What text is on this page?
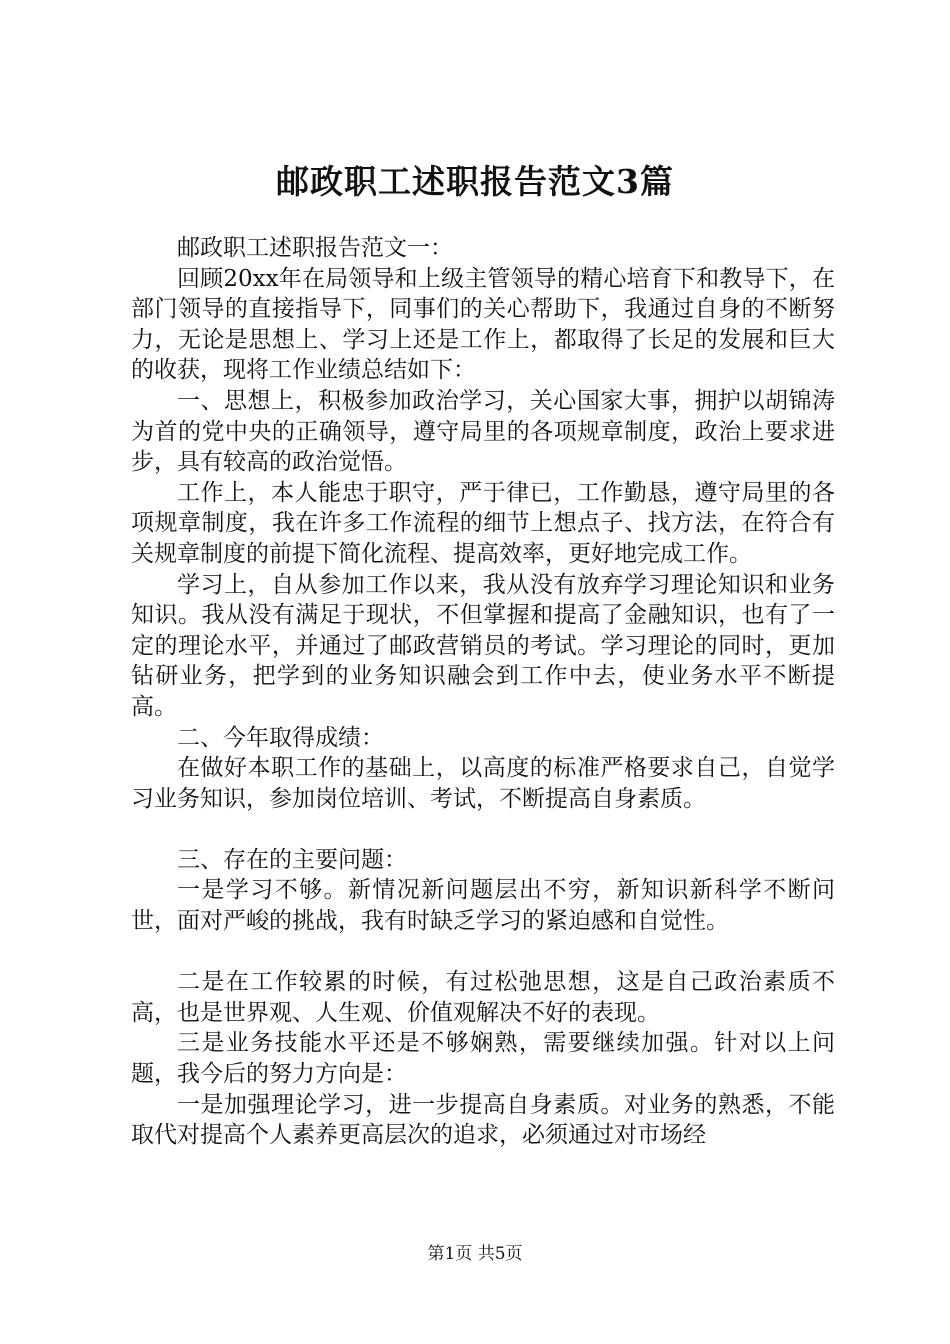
邮政职工述职报告范文3篇

邮政职工述职报告范文一：

回顾20xx年在局领导和上级主管领导的精心培育下和教导下，在部门领导的直接指导下，同事们的关心帮助下，我通过自身的不断努力，无论是思想上、学习上还是工作上，都取得了长足的发展和巨大的收获，现将工作业绩总结如下：

一、思想上，积极参加政治学习，关心国家大事，拥护以胡锦涛为首的党中央的正确领导，遵守局里的各项规章制度，政治上要求进步，具有较高的政治觉悟。

工作上，本人能忠于职守，严于律已，工作勤恳，遵守局里的各项规章制度，我在许多工作流程的细节上想点子、找方法，在符合有关规章制度的前提下简化流程、提高效率，更好地完成工作。

学习上，自从参加工作以来，我从没有放弃学习理论知识和业务知识。我从没有满足于现状，不但掌握和提高了金融知识，也有了一定的理论水平，并通过了邮政营销员的考试。学习理论的同时，更加钻研业务，把学到的业务知识融会到工作中去，使业务水平不断提高。

二、今年取得成绩：

在做好本职工作的基础上，以高度的标准严格要求自己，自觉学习业务知识，参加岗位培训、考试，不断提高自身素质。

三、存在的主要问题：

一是学习不够。新情况新问题层出不穷，新知识新科学不断问世，面对严峻的挑战，我有时缺乏学习的紧迫感和自觉性。

二是在工作较累的时候，有过松弛思想，这是自己政治素质不高，也是世界观、人生观、价值观解决不好的表现。

三是业务技能水平还是不够娴熟，需要继续加强。针对以上问题，我今后的努力方向是：

一是加强理论学习，进一步提高自身素质。对业务的熟悉，不能取代对提高个人素养更高层次的追求，必须通过对市场经

第1页 共5页
